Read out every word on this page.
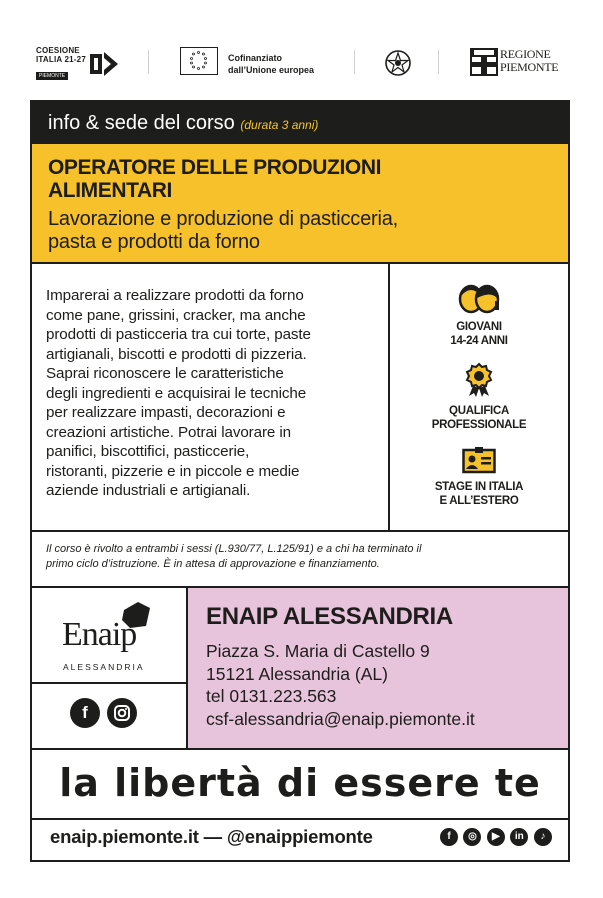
COESIONE
ITALIA 21-27
PIEMONTE
Cofinanziato
dall’Unione europea
REGIONE
PIEMONTE
info & sede del corso (durata 3 anni)
OPERATORE DELLE PRODUZIONI
ALIMENTARI
Lavorazione e produzione di pasticceria,
pasta e prodotti da forno
Imparerai a realizzare prodotti da forno
come pane, grissini, cracker, ma anche
prodotti di pasticceria tra cui torte, paste
artigianali, biscotti e prodotti di pizzeria.
Saprai riconoscere le caratteristiche
degli ingredienti e acquisirai le tecniche
per realizzare impasti, decorazioni e
creazioni artistiche. Potrai lavorare in
panifici, biscottifici, pasticcerie,
ristoranti, pizzerie e in piccole e medie
aziende industriali e artigianali.
GIOVANI
14-24 ANNI
QUALIFICA
PROFESSIONALE
STAGE IN ITALIA
E ALL’ESTERO
Il corso è rivolto a entrambi i sessi (L.930/77, L.125/91) e a chi ha terminato il
primo ciclo d’istruzione. È in attesa di approvazione e finanziamento.
Enaip
ALESSANDRIA
f
ENAIP ALESSANDRIA
Piazza S. Maria di Castello 9
15121 Alessandria (AL)
tel 0131.223.563
csf-alessandria@enaip.piemonte.it
la libertà di essere te
enaip.piemonte.it — @enaippiemonte	f ◎ ▶ in ♪
